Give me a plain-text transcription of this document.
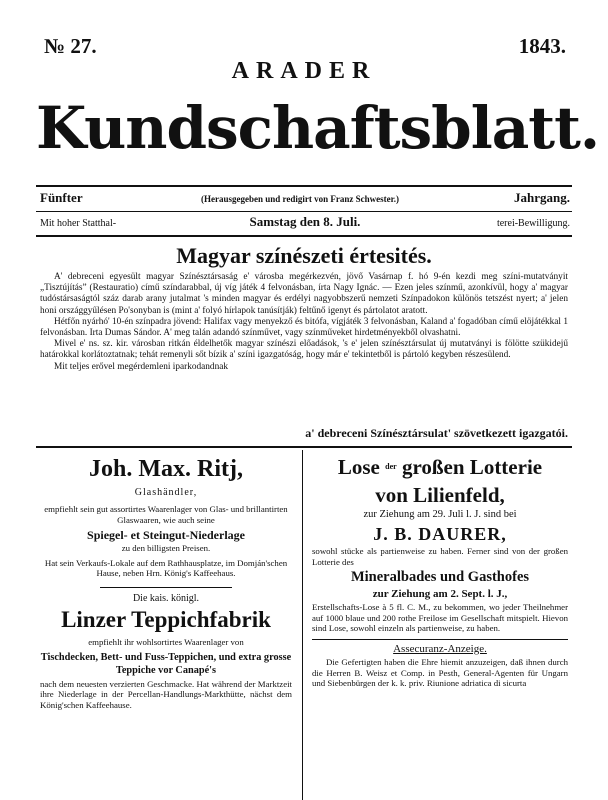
№ 27.	1843.
ARADER
Kundschaftsblatt.
Fünfter	(Herausgegeben und redigirt von Franz Schwester.)	Jahrgang.
Mit hoher Statthal-	Samstag den 8. Juli.	terei-Bewilligung.
Magyar színészeti értesités.
A' debreceni egyesült magyar Színésztársaság e' városba megérkezvén, jövő Vasárnap f. hó 9-én kezdi meg színi-mutatványit „Tisztújítás” (Restauratio) című színdarabbal, új víg játék 4 felvonásban, írta Nagy Ignác. — Ezen jeles színmű, azonkívül, hogy a' magyar tudóstársaságtól száz darab arany jutalmat 's minden magyar és erdélyi nagyobbszerű nemzeti Színpadokon különös tetszést nyert; a' jelen honi országgyűlésen Po'sonyban is (mint a' folyó hírlapok tanúsítják) feltűnő igenyt és pártolatot aratott.
Hétfőn nyárhó' 10-én színpadra jövend: Halifax vagy menyekző és bitófa, vígjáték 3 felvonásban, Kaland a' fogadóban című elöjátékkal 1 felvonásban. Irta Dumas Sándor. A' meg talán adandó színművet, vagy színműveket hirdetményekből olvashatni.
Mivel e' ns. sz. kir. városban ritkán éldelhetők magyar színészi előadások, 's e' jelen színésztársulat új mutatványi is fölötte szükidejű határokkal korlátoztatnak; tehát remenyli sőt bízik a' színi igazgatóság, hogy már e' tekintetből is pártoló kegyben részesülend.
Mit teljes erővel megérdemleni iparkodandnak
a' debreceni Színésztársulat' szövetkezett igazgatói.
Joh. Max. Ritj,
Glashändler,
empfiehlt sein gut assortirtes Waarenlager von Glas- und brillantirten Glaswaaren, wie auch seine
Spiegel- et Steingut-Niederlage
zu den billigsten Preisen.
Hat sein Verkaufs-Lokale auf dem Rathhausplatze, im Domján'schen Hause, neben Hrn. König's Kaffeehaus.
Die kais. königl.
Linzer Teppichfabrik
empfiehlt ihr wohlsortirtes Waarenlager von
Tischdecken, Bett- und Fuss-Teppichen, und extra grosse Teppiche vor Canapé's
nach dem neuesten verzierten Geschmacke. Hat während der Marktzeit ihre Niederlage in der Percellan-Handlungs-Markthütte, nächst dem König'schen Kaffeehause.
Lose $^{der}$ großen Lotterie
von Lilienfeld,
zur Ziehung am 29. Juli l. J. sind bei
J. B. DAURER,
sowohl stücke als partienweise zu haben. Ferner sind von der großen Lotterie des
Mineralbades und Gasthofes
zur Ziehung am 2. Sept. l. J.,
Erstellschafts-Lose à 5 fl. C. M., zu bekommen, wo jeder Theilnehmer auf 1000 blaue und 200 rothe Freilose im Gesellschaft mitspielt. Hievon sind Lose, sowohl einzeln als partienweise, zu haben.
Assecuranz-Anzeige.
Die Gefertigten haben die Ehre hiemit anzuzeigen, daß ihnen durch die Herren B. Weisz et Comp. in Pesth, General-Agenten für Ungarn und Siebenbürgen der k. k. priv. Riunione adriatica di sicurta
